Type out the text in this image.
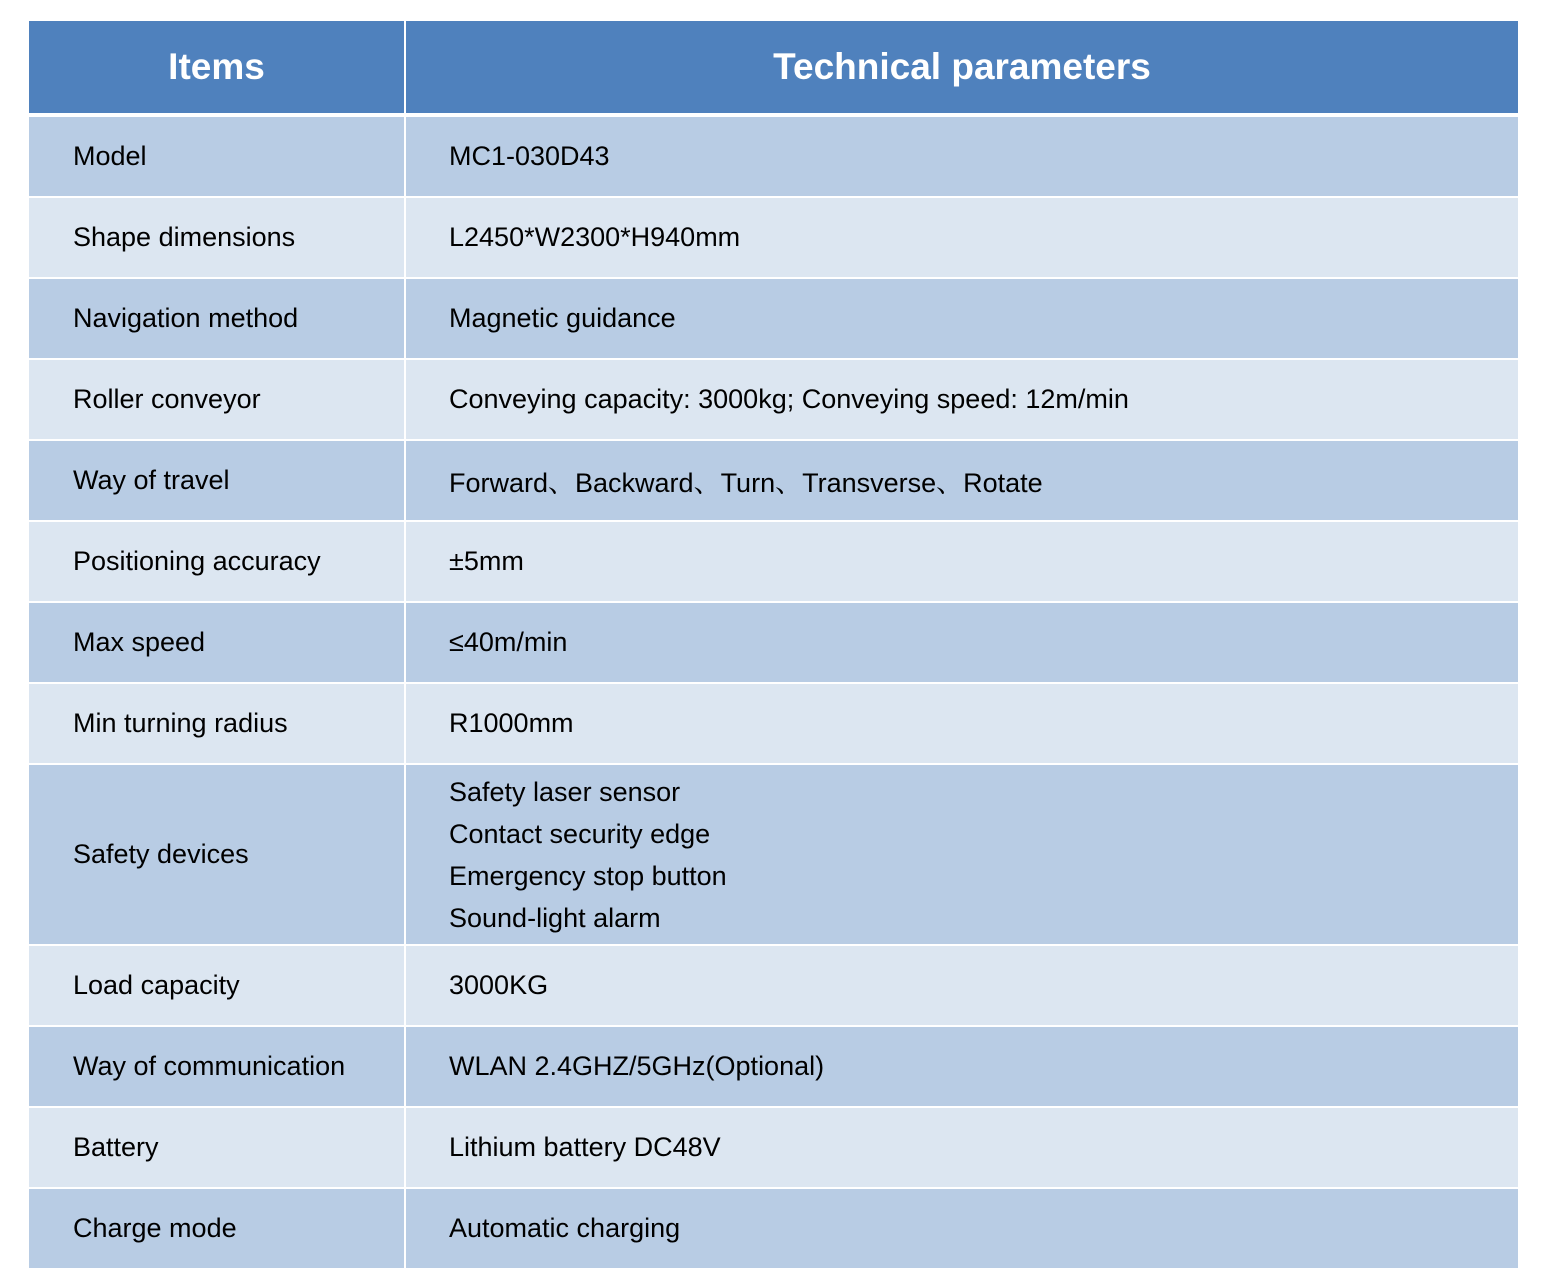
Items	Technical parameters
Model	MC1-030D43
Shape dimensions	L2450*W2300*H940mm
Navigation method	Magnetic guidance
Roller conveyor	Conveying capacity: 3000kg; Conveying speed: 12m/min
Way of travel	Forward、Backward、Turn、Transverse、Rotate
Positioning accuracy	±5mm
Max speed	≤40m/min
Min turning radius	R1000mm
Safety devices	Safety laser sensor
Contact security edge
Emergency stop button
Sound-light alarm

Load capacity	3000KG
Way of communication	WLAN 2.4GHZ/5GHz(Optional)
Battery	Lithium battery DC48V
Charge mode	Automatic charging
